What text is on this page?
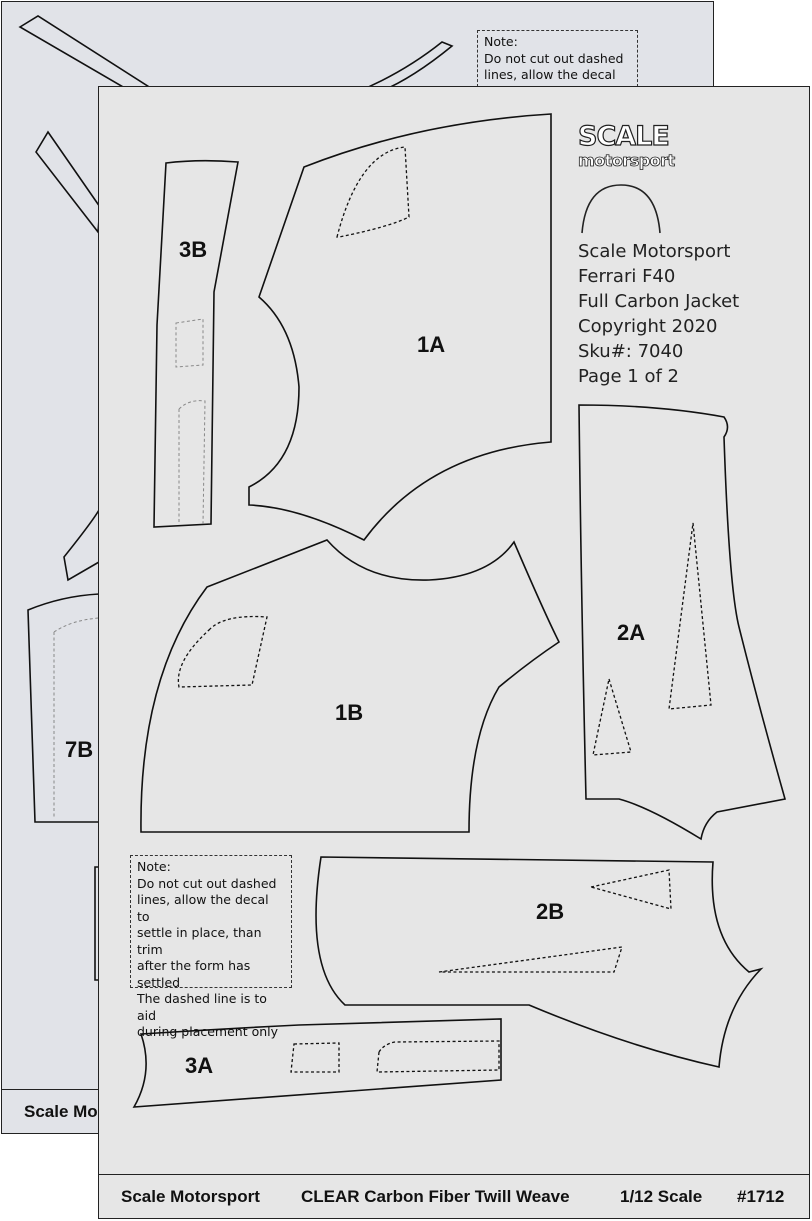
Note:
Do not cut out dashed
lines, allow the decal
7B
Scale Mo
SCALE
motorsport
Scale Motorsport
Ferrari F40
Full Carbon Jacket
Copyright 2020
Sku#: 7040
Page 1 of 2
3B
1A
2A
1B
2B
3A
Note:
Do not cut out dashed
lines, allow the decal to
settle in place, than trim
after the form has settled
The dashed line is to aid
during placement only
Scale Motorsport CLEAR Carbon Fiber Twill Weave	1/12 Scale #1712
